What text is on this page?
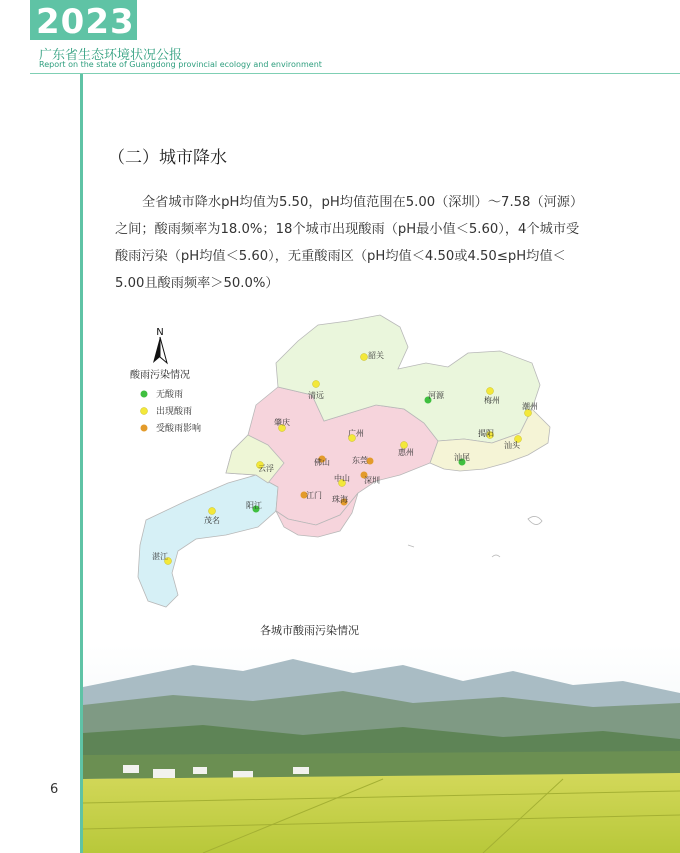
2023
广东省生态环境状况公报
Report on the state of Guangdong provincial ecology and environment
6
（二）城市降水

全省城市降水pH均值为5.50，pH均值范围在5.00（深圳）～7.58（河源）之间；酸雨频率为18.0%；18个城市出现酸雨（pH最小值＜5.60），4个城市受酸雨污染（pH均值＜5.60），无重酸雨区（pH均值＜4.50或4.50≤pH均值＜5.00且酸雨频率＞50.0%）

N
酸雨污染情况
无酸雨
出现酸雨
受酸雨影响
韶关
清远	河源
梅州
潮州
肇庆
广州
惠州
揭阳
汕头
汕尾
云浮
佛山	东莞
中山 深圳
江门 珠海
阳江
茂名
湛江
各城市酸雨污染情况
